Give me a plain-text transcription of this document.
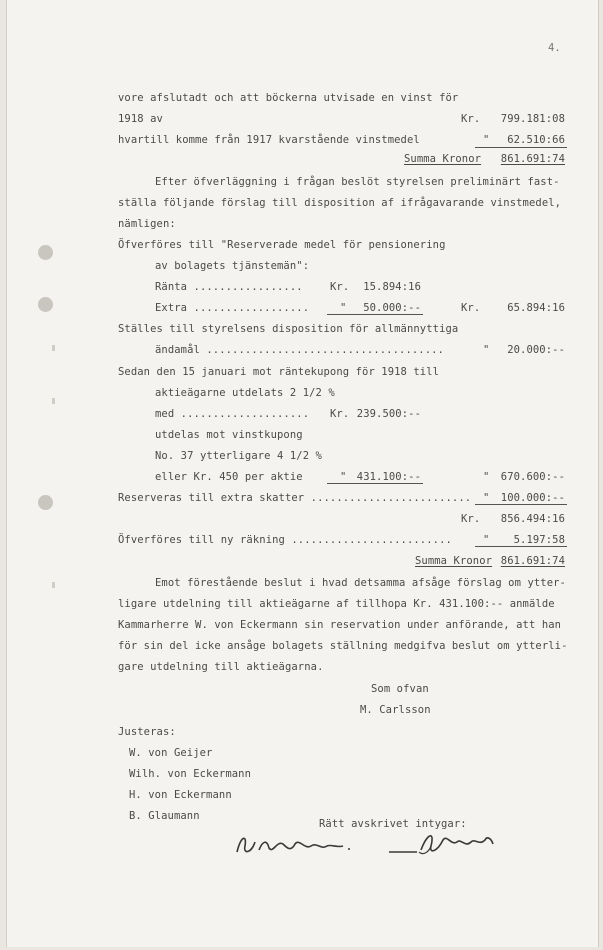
4.
vore afslutadt och att böckerna utvisade en vinst för
1918 av	Kr.	799.181:08
hvartill komme från 1917 kvarstående vinstmedel	"	62.510:66
Summa Kronor	861.691:74
Efter öfverläggning i frågan beslöt styrelsen preliminärt fast-
ställa följande förslag till disposition af ifrågavarande vinstmedel,
nämligen:
Öfverföres till "Reserverade medel för pensionering
av bolagets tjänstemän":
Ränta .................	Kr.	15.894:16
Extra ..................	"	50.000:--	Kr.	65.894:16
Ställes till styrelsens disposition för allmännyttiga
ändamål .....................................	"	20.000:--
Sedan den 15 januari mot räntekupong för 1918 till
aktieägarne utdelats 2 1/2 %
med .................... Kr. 239.500:--
utdelas mot vinstkupong
No. 37 ytterligare 4 1/2 %
eller Kr. 450 per aktie	" 431.100:--	"	670.600:--
Reserveras till extra skatter ......................... "	100.000:--
Kr.	856.494:16
Öfverföres till ny räkning .........................	"	5.197:58
Summa Kronor 861.691:74
Emot förestående beslut i hvad detsamma afsåge förslag om ytter-
ligare utdelning till aktieägarne af tillhopa Kr. 431.100:-- anmälde
Kammarherre W. von Eckermann sin reservation under anförande, att han
för sin del icke ansåge bolagets ställning medgifva beslut om ytterli-
gare utdelning till aktieägarna.
Som ofvan
M. Carlsson
Justeras:
W. von Geijer
Wilh. von Eckermann
H. von Eckermann
B. Glaumann
Rätt avskrivet intygar:
